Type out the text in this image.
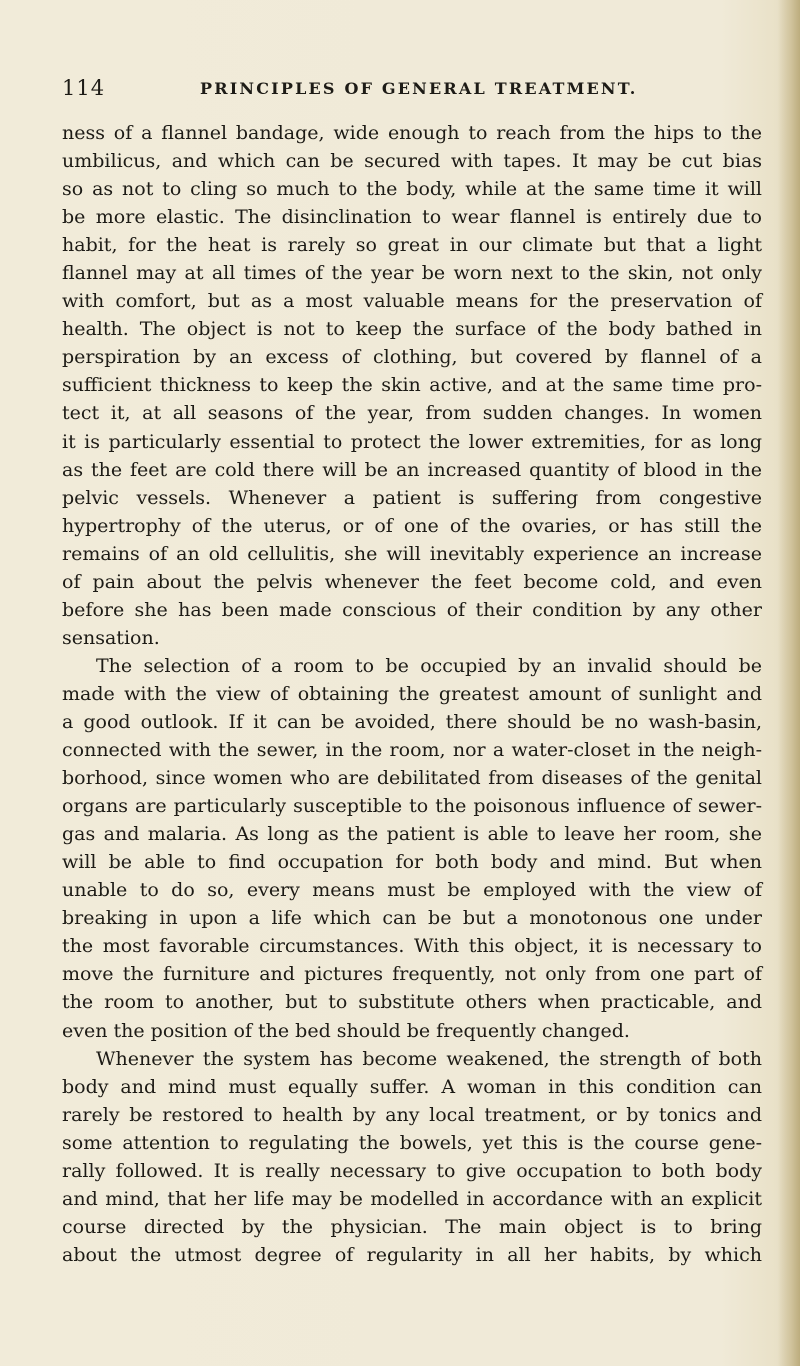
114	PRINCIPLES OF GENERAL TREATMENT.
ness of a flannel bandage, wide enough to reach from the hips to the
umbilicus, and which can be secured with tapes. It may be cut bias
so as not to cling so much to the body, while at the same time it will
be more elastic. The disinclination to wear flannel is entirely due to
habit, for the heat is rarely so great in our climate but that a light
flannel may at all times of the year be worn next to the skin, not only
with comfort, but as a most valuable means for the preservation of
health. The object is not to keep the surface of the body bathed in
perspiration by an excess of clothing, but covered by flannel of a
sufficient thickness to keep the skin active, and at the same time pro-
tect it, at all seasons of the year, from sudden changes. In women
it is particularly essential to protect the lower extremities, for as long
as the feet are cold there will be an increased quantity of blood in the
pelvic vessels. Whenever a patient is suffering from congestive
hypertrophy of the uterus, or of one of the ovaries, or has still the
remains of an old cellulitis, she will inevitably experience an increase
of pain about the pelvis whenever the feet become cold, and even
before she has been made conscious of their condition by any other
sensation.
The selection of a room to be occupied by an invalid should be
made with the view of obtaining the greatest amount of sunlight and
a good outlook. If it can be avoided, there should be no wash-basin,
connected with the sewer, in the room, nor a water-closet in the neigh-
borhood, since women who are debilitated from diseases of the genital
organs are particularly susceptible to the poisonous influence of sewer-
gas and malaria. As long as the patient is able to leave her room, she
will be able to find occupation for both body and mind. But when
unable to do so, every means must be employed with the view of
breaking in upon a life which can be but a monotonous one under
the most favorable circumstances. With this object, it is necessary to
move the furniture and pictures frequently, not only from one part of
the room to another, but to substitute others when practicable, and
even the position of the bed should be frequently changed.
Whenever the system has become weakened, the strength of both
body and mind must equally suffer. A woman in this condition can
rarely be restored to health by any local treatment, or by tonics and
some attention to regulating the bowels, yet this is the course gene-
rally followed. It is really necessary to give occupation to both body
and mind, that her life may be modelled in accordance with an explicit
course directed by the physician. The main object is to bring
about the utmost degree of regularity in all her habits, by which
